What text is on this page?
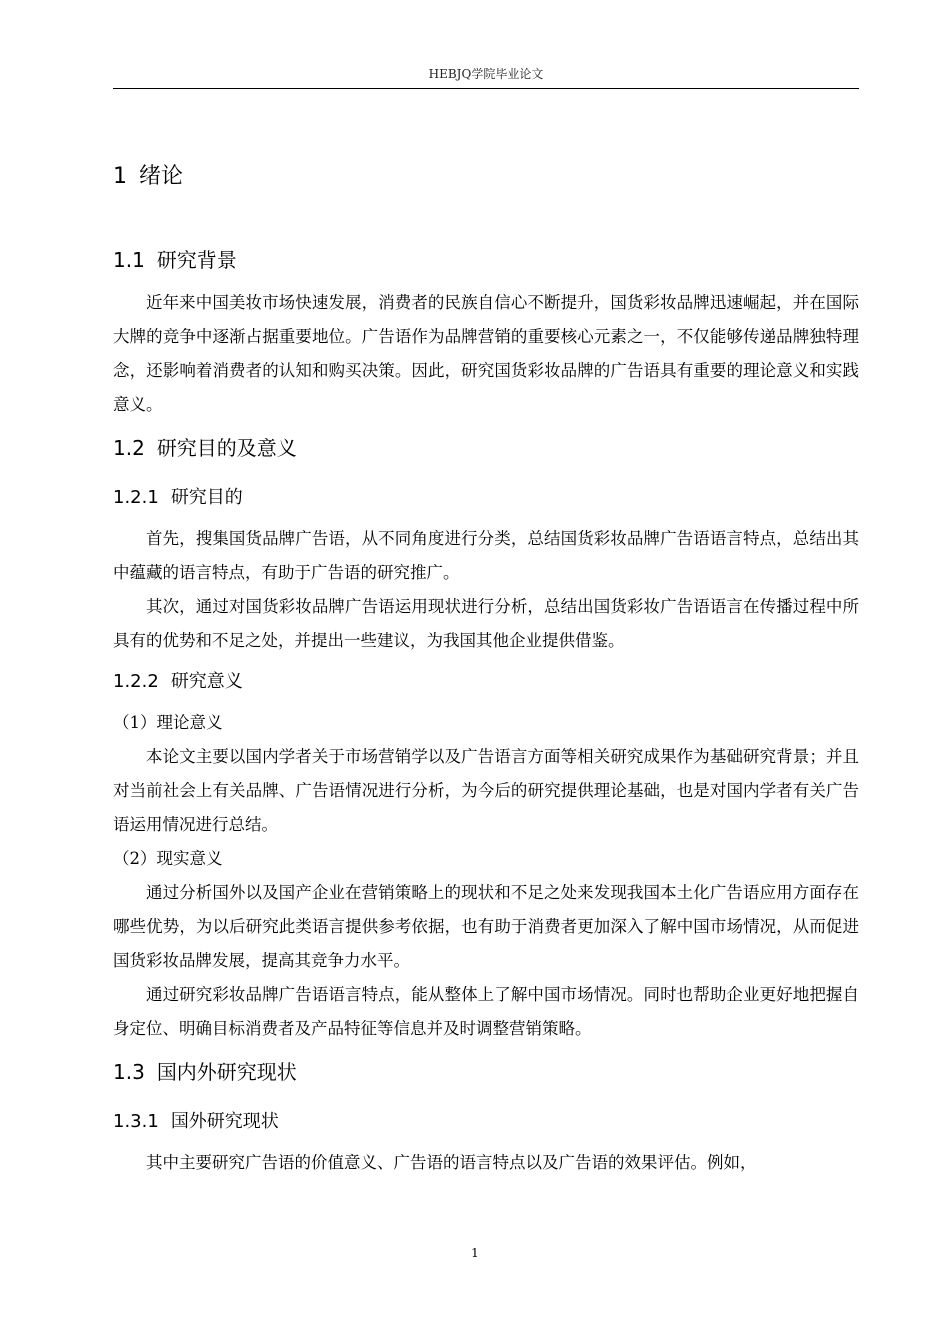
HEBJQ学院毕业论文
1 绪论
1.1 研究背景

近年来中国美妆市场快速发展，消费者的民族自信心不断提升，国货彩妆品牌迅速崛起，并在国际大牌的竞争中逐渐占据重要地位。广告语作为品牌营销的重要核心元素之一，不仅能够传递品牌独特理念，还影响着消费者的认知和购买决策。因此，研究国货彩妆品牌的广告语具有重要的理论意义和实践意义。

1.2 研究目的及意义
1.2.1 研究目的

首先，搜集国货品牌广告语，从不同角度进行分类，总结国货彩妆品牌广告语语言特点，总结出其中蕴藏的语言特点，有助于广告语的研究推广。

其次，通过对国货彩妆品牌广告语运用现状进行分析，总结出国货彩妆广告语语言在传播过程中所具有的优势和不足之处，并提出一些建议，为我国其他企业提供借鉴。

1.2.2 研究意义

（1）理论意义

本论文主要以国内学者关于市场营销学以及广告语言方面等相关研究成果作为基础研究背景；并且对当前社会上有关品牌、广告语情况进行分析，为今后的研究提供理论基础，也是对国内学者有关广告语运用情况进行总结。

（2）现实意义

通过分析国外以及国产企业在营销策略上的现状和不足之处来发现我国本土化广告语应用方面存在哪些优势，为以后研究此类语言提供参考依据，也有助于消费者更加深入了解中国市场情况，从而促进国货彩妆品牌发展，提高其竞争力水平。

通过研究彩妆品牌广告语语言特点，能从整体上了解中国市场情况。同时也帮助企业更好地把握自身定位、明确目标消费者及产品特征等信息并及时调整营销策略。

1.3 国内外研究现状
1.3.1 国外研究现状

其中主要研究广告语的价值意义、广告语的语言特点以及广告语的效果评估。例如，

1
